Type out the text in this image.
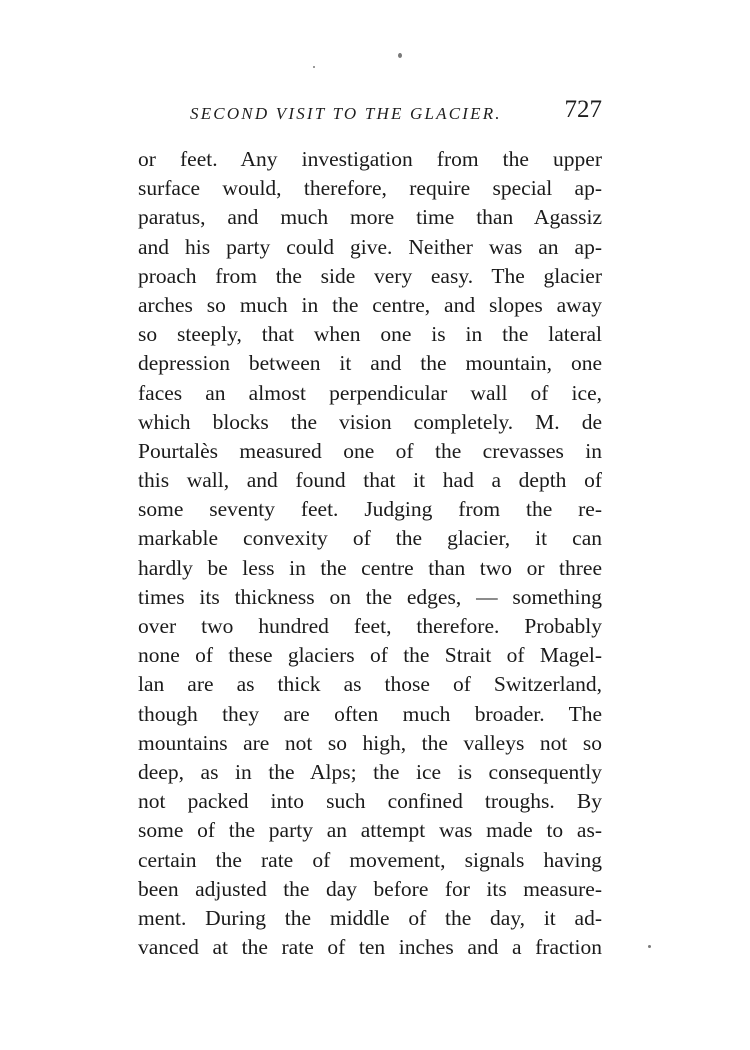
SECOND VISIT TO THE GLACIER.	727
or feet. Any investigation from the upper
surface would, therefore, require special ap-
paratus, and much more time than Agassiz
and his party could give. Neither was an ap-
proach from the side very easy. The glacier
arches so much in the centre, and slopes away
so steeply, that when one is in the lateral
depression between it and the mountain, one
faces an almost perpendicular wall of ice,
which blocks the vision completely. M. de
Pourtalès measured one of the crevasses in
this wall, and found that it had a depth of
some seventy feet. Judging from the re-
markable convexity of the glacier, it can
hardly be less in the centre than two or three
times its thickness on the edges, — something
over two hundred feet, therefore. Probably
none of these glaciers of the Strait of Magel-
lan are as thick as those of Switzerland,
though they are often much broader. The
mountains are not so high, the valleys not so
deep, as in the Alps; the ice is consequently
not packed into such confined troughs. By
some of the party an attempt was made to as-
certain the rate of movement, signals having
been adjusted the day before for its measure-
ment. During the middle of the day, it ad-
vanced at the rate of ten inches and a fraction
